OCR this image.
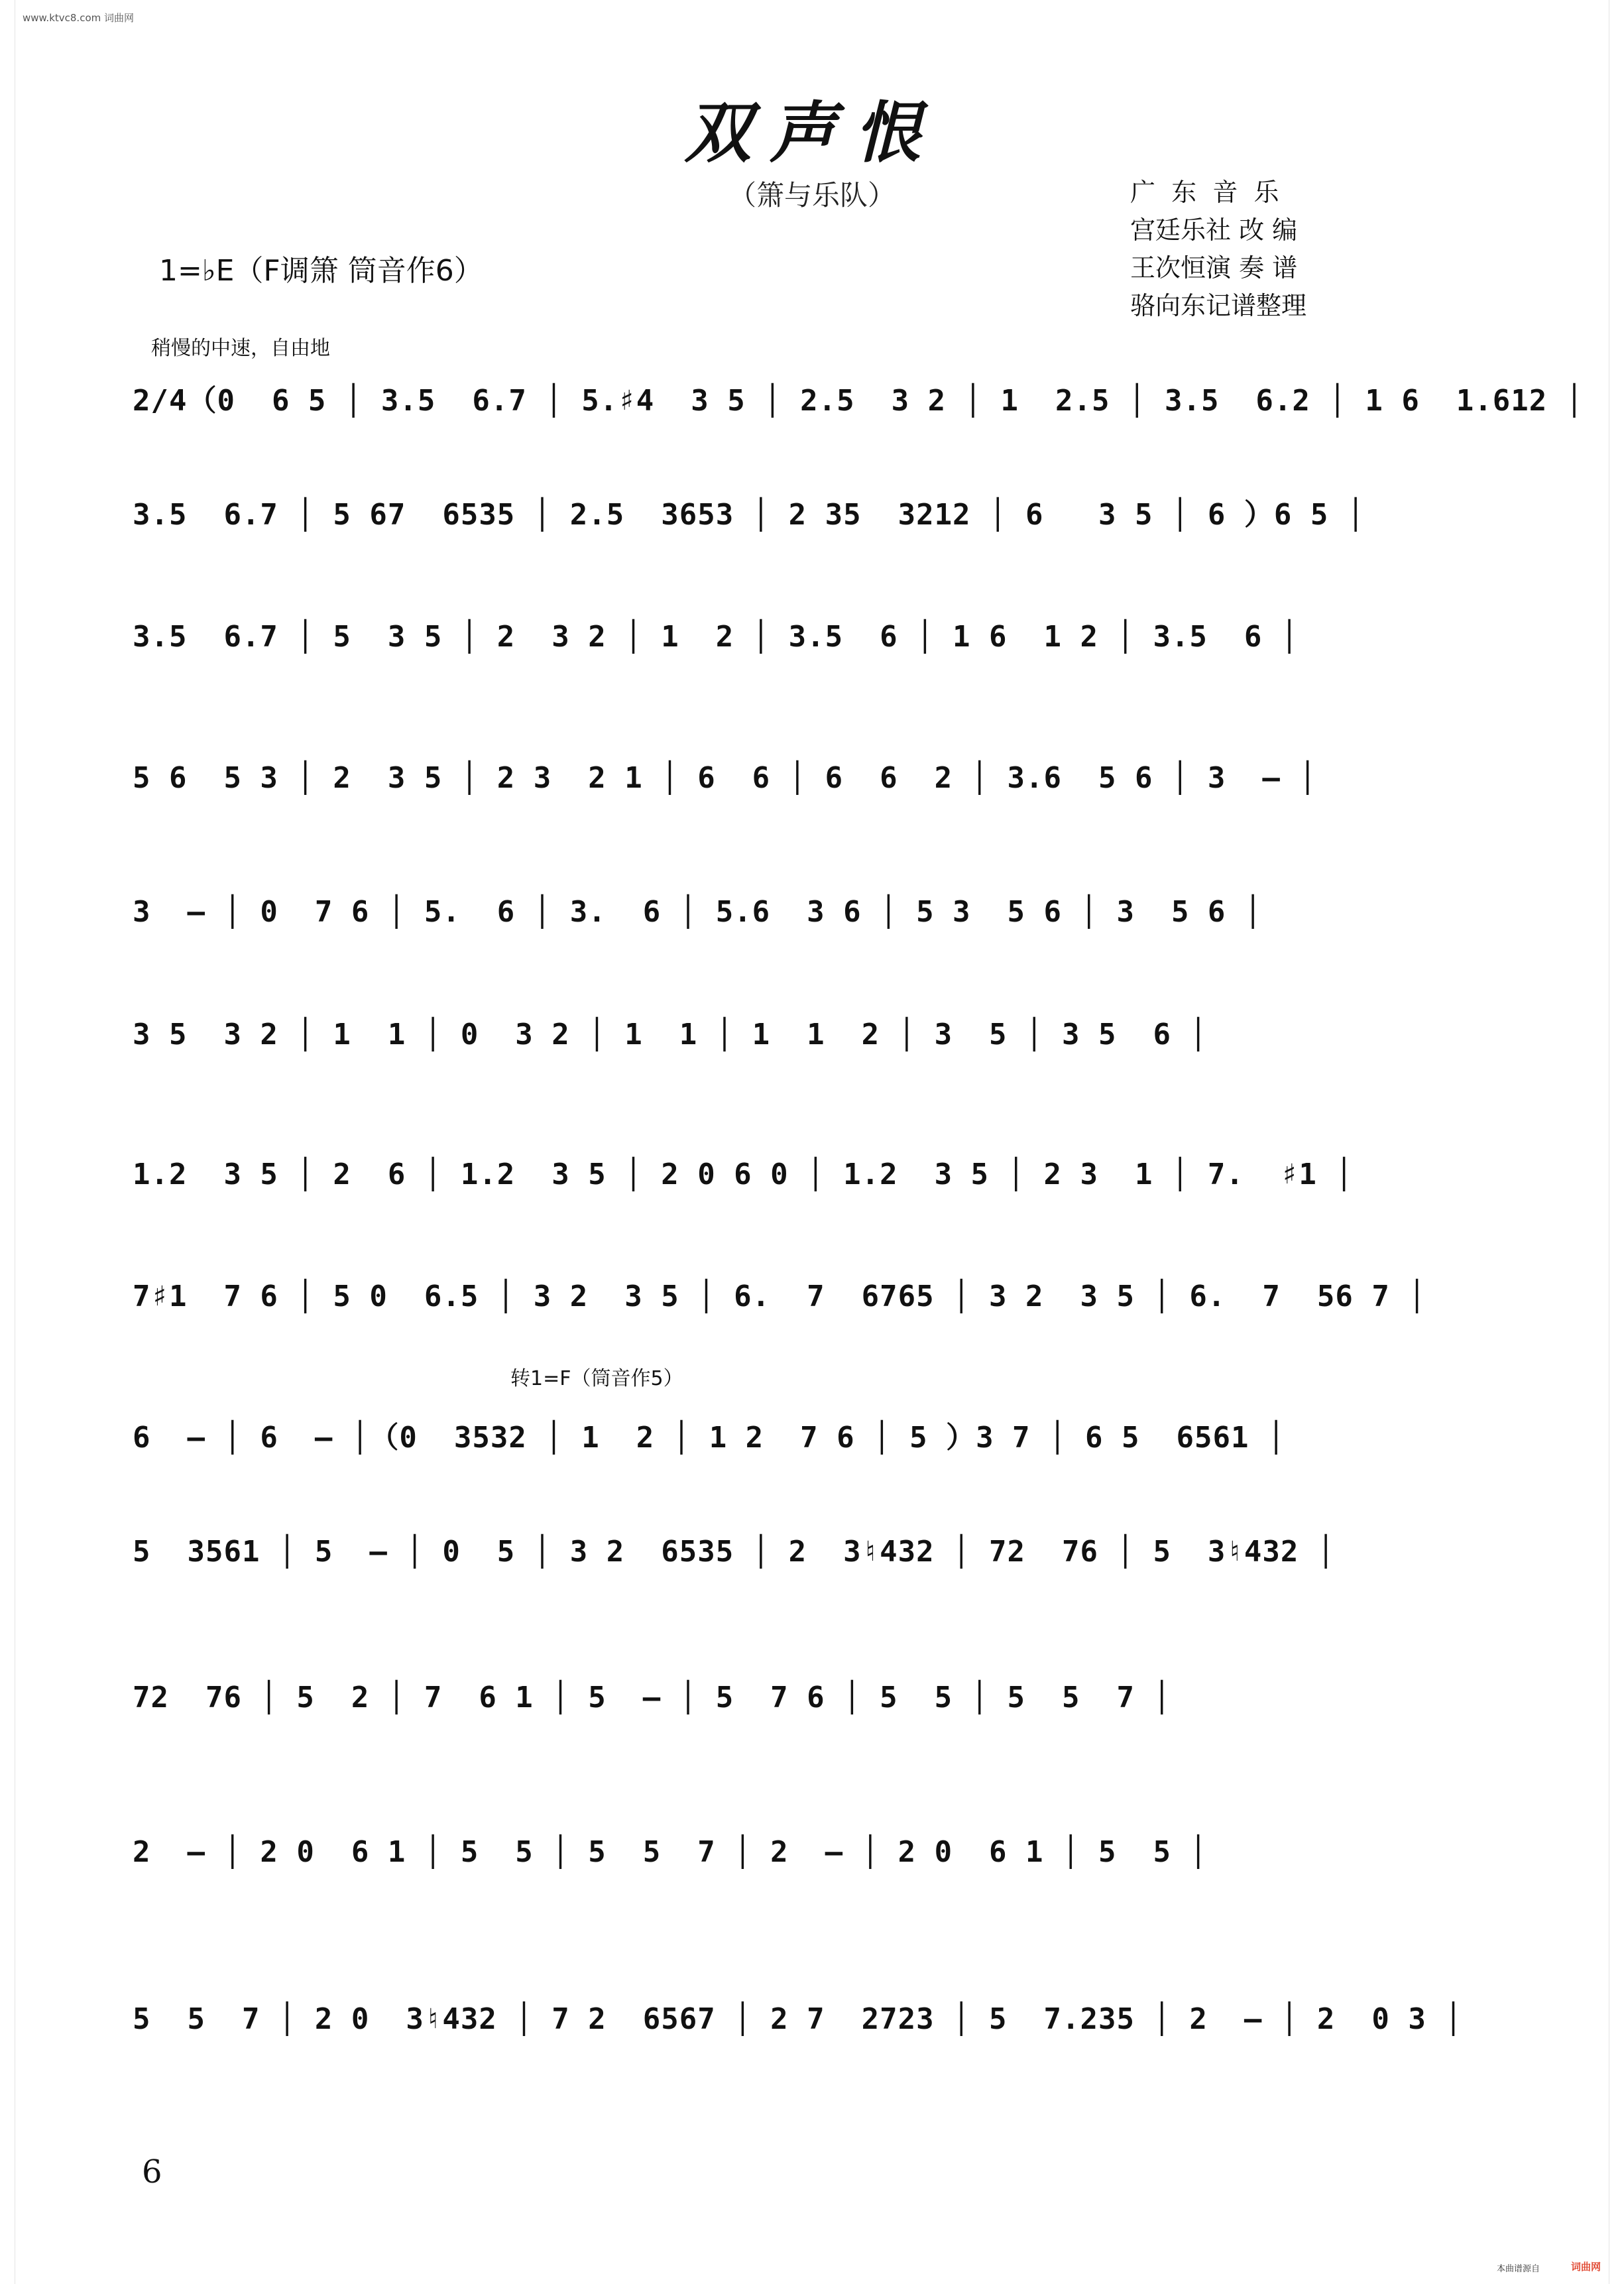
www.ktvc8.com 词曲网
双声恨
（箫与乐队）	广  东  音  乐
宫廷乐社 改 编
王次恒演 奏 谱
骆向东记谱整理
1=♭E（F调箫 筒音作6）
稍慢的中速，自由地
2/4（0  6 5 │ 3.5  6.7 │ 5.♯4  3 5 │ 2.5  3 2 │ 1  2.5 │ 3.5  6.2 │ 1 6  1.612 │
3.5  6.7 │ 5 67  6535 │ 2.5  3653 │ 2 35  3212 │ 6   3 5 │ 6 ）6 5 │
3.5  6.7 │ 5  3 5 │ 2  3 2 │ 1  2 │ 3.5  6 │ 1 6  1 2 │ 3.5  6 │
5 6  5 3 │ 2  3 5 │ 2 3  2 1 │ 6  6 │ 6  6  2 │ 3.6  5 6 │ 3  — │
3  — │ 0  7 6 │ 5.  6 │ 3.  6 │ 5.6  3 6 │ 5 3  5 6 │ 3  5 6 │
3 5  3 2 │ 1  1 │ 0  3 2 │ 1  1 │ 1  1  2 │ 3  5 │ 3 5  6 │
1.2  3 5 │ 2  6 │ 1.2  3 5 │ 2 0 6 0 │ 1.2  3 5 │ 2 3  1 │ 7.  ♯1 │
7♯1  7 6 │ 5 0  6.5 │ 3 2  3 5 │ 6.  7  6765 │ 3 2  3 5 │ 6.  7  56 7 │
转1=F（筒音作5）
6  — │ 6  — │（0  3532 │ 1  2 │ 1 2  7 6 │ 5 ）3 7 │ 6 5  6561 │
5  3561 │ 5  — │ 0  5 │ 3 2  6535 │ 2  3♮432 │ 72  76 │ 5  3♮432 │
72  76 │ 5  2 │ 7  6 1 │ 5  — │ 5  7 6 │ 5  5 │ 5  5  7 │
2  — │ 2 0  6 1 │ 5  5 │ 5  5  7 │ 2  — │ 2 0  6 1 │ 5  5 │
5  5  7 │ 2 0  3♮432 │ 7 2  6567 │ 2 7  2723 │ 5  7.235 │ 2  — │ 2  0 3 │
6
本曲谱源自	词曲网
